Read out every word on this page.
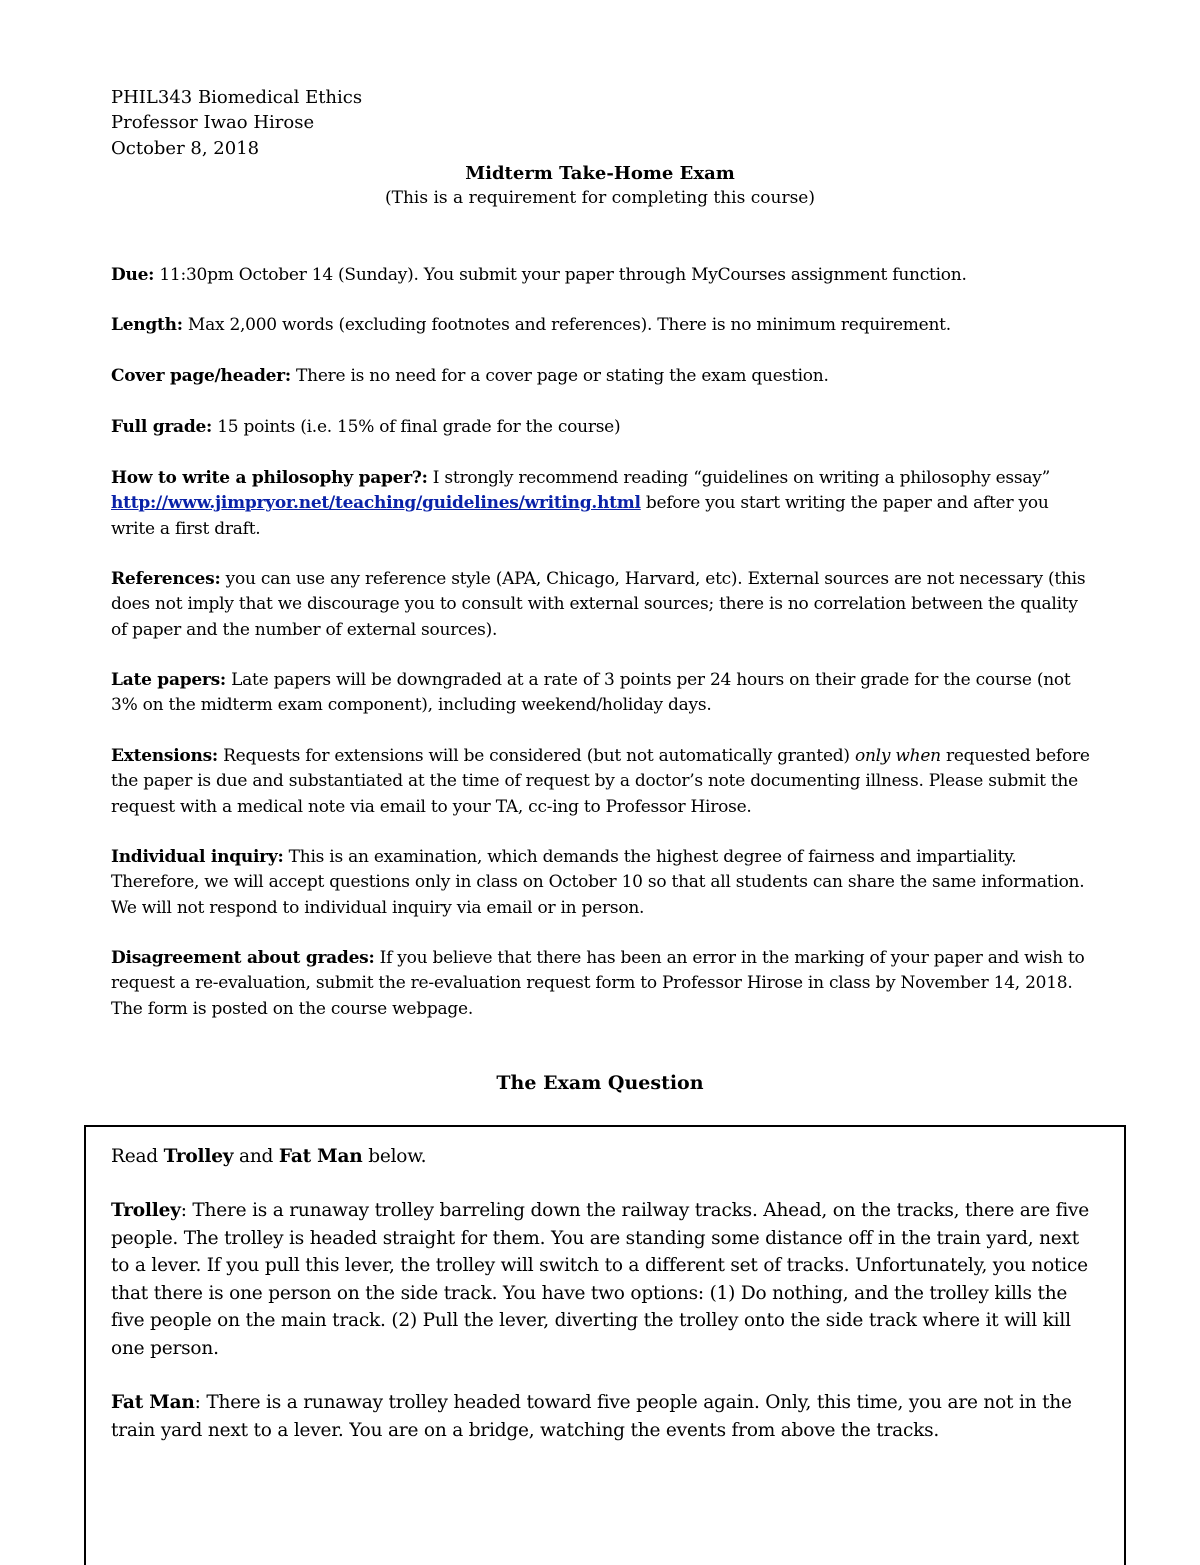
PHIL343 Biomedical Ethics
Professor Iwao Hirose
October 8, 2018
Midterm Take-Home Exam
(This is a requirement for completing this course)
Due: 11:30pm October 14 (Sunday). You submit your paper through MyCourses assignment function.
Length: Max 2,000 words (excluding footnotes and references). There is no minimum requirement.
Cover page/header: There is no need for a cover page or stating the exam question.
Full grade: 15 points (i.e. 15% of final grade for the course)
How to write a philosophy paper?: I strongly recommend reading “guidelines on writing a philosophy essay” http://www.jimpryor.net/teaching/guidelines/writing.html before you start writing the paper and after you write a first draft.
References: you can use any reference style (APA, Chicago, Harvard, etc). External sources are not necessary (this does not imply that we discourage you to consult with external sources; there is no correlation between the quality of paper and the number of external sources).
Late papers: Late papers will be downgraded at a rate of 3 points per 24 hours on their grade for the course (not 3% on the midterm exam component), including weekend/holiday days.
Extensions: Requests for extensions will be considered (but not automatically granted) only when requested before the paper is due and substantiated at the time of request by a doctor’s note documenting illness. Please submit the request with a medical note via email to your TA, cc-ing to Professor Hirose.
Individual inquiry: This is an examination, which demands the highest degree of fairness and impartiality. Therefore, we will accept questions only in class on October 10 so that all students can share the same information. We will not respond to individual inquiry via email or in person.
Disagreement about grades: If you believe that there has been an error in the marking of your paper and wish to request a re-evaluation, submit the re-evaluation request form to Professor Hirose in class by November 14, 2018. The form is posted on the course webpage.
The Exam Question
Read Trolley and Fat Man below.
Trolley: There is a runaway trolley barreling down the railway tracks. Ahead, on the tracks, there are five people. The trolley is headed straight for them. You are standing some distance off in the train yard, next to a lever. If you pull this lever, the trolley will switch to a different set of tracks. Unfortunately, you notice that there is one person on the side track. You have two options: (1) Do nothing, and the trolley kills the five people on the main track. (2) Pull the lever, diverting the trolley onto the side track where it will kill one person.
Fat Man: There is a runaway trolley headed toward five people again. Only, this time, you are not in the train yard next to a lever. You are on a bridge, watching the events from above the tracks.
